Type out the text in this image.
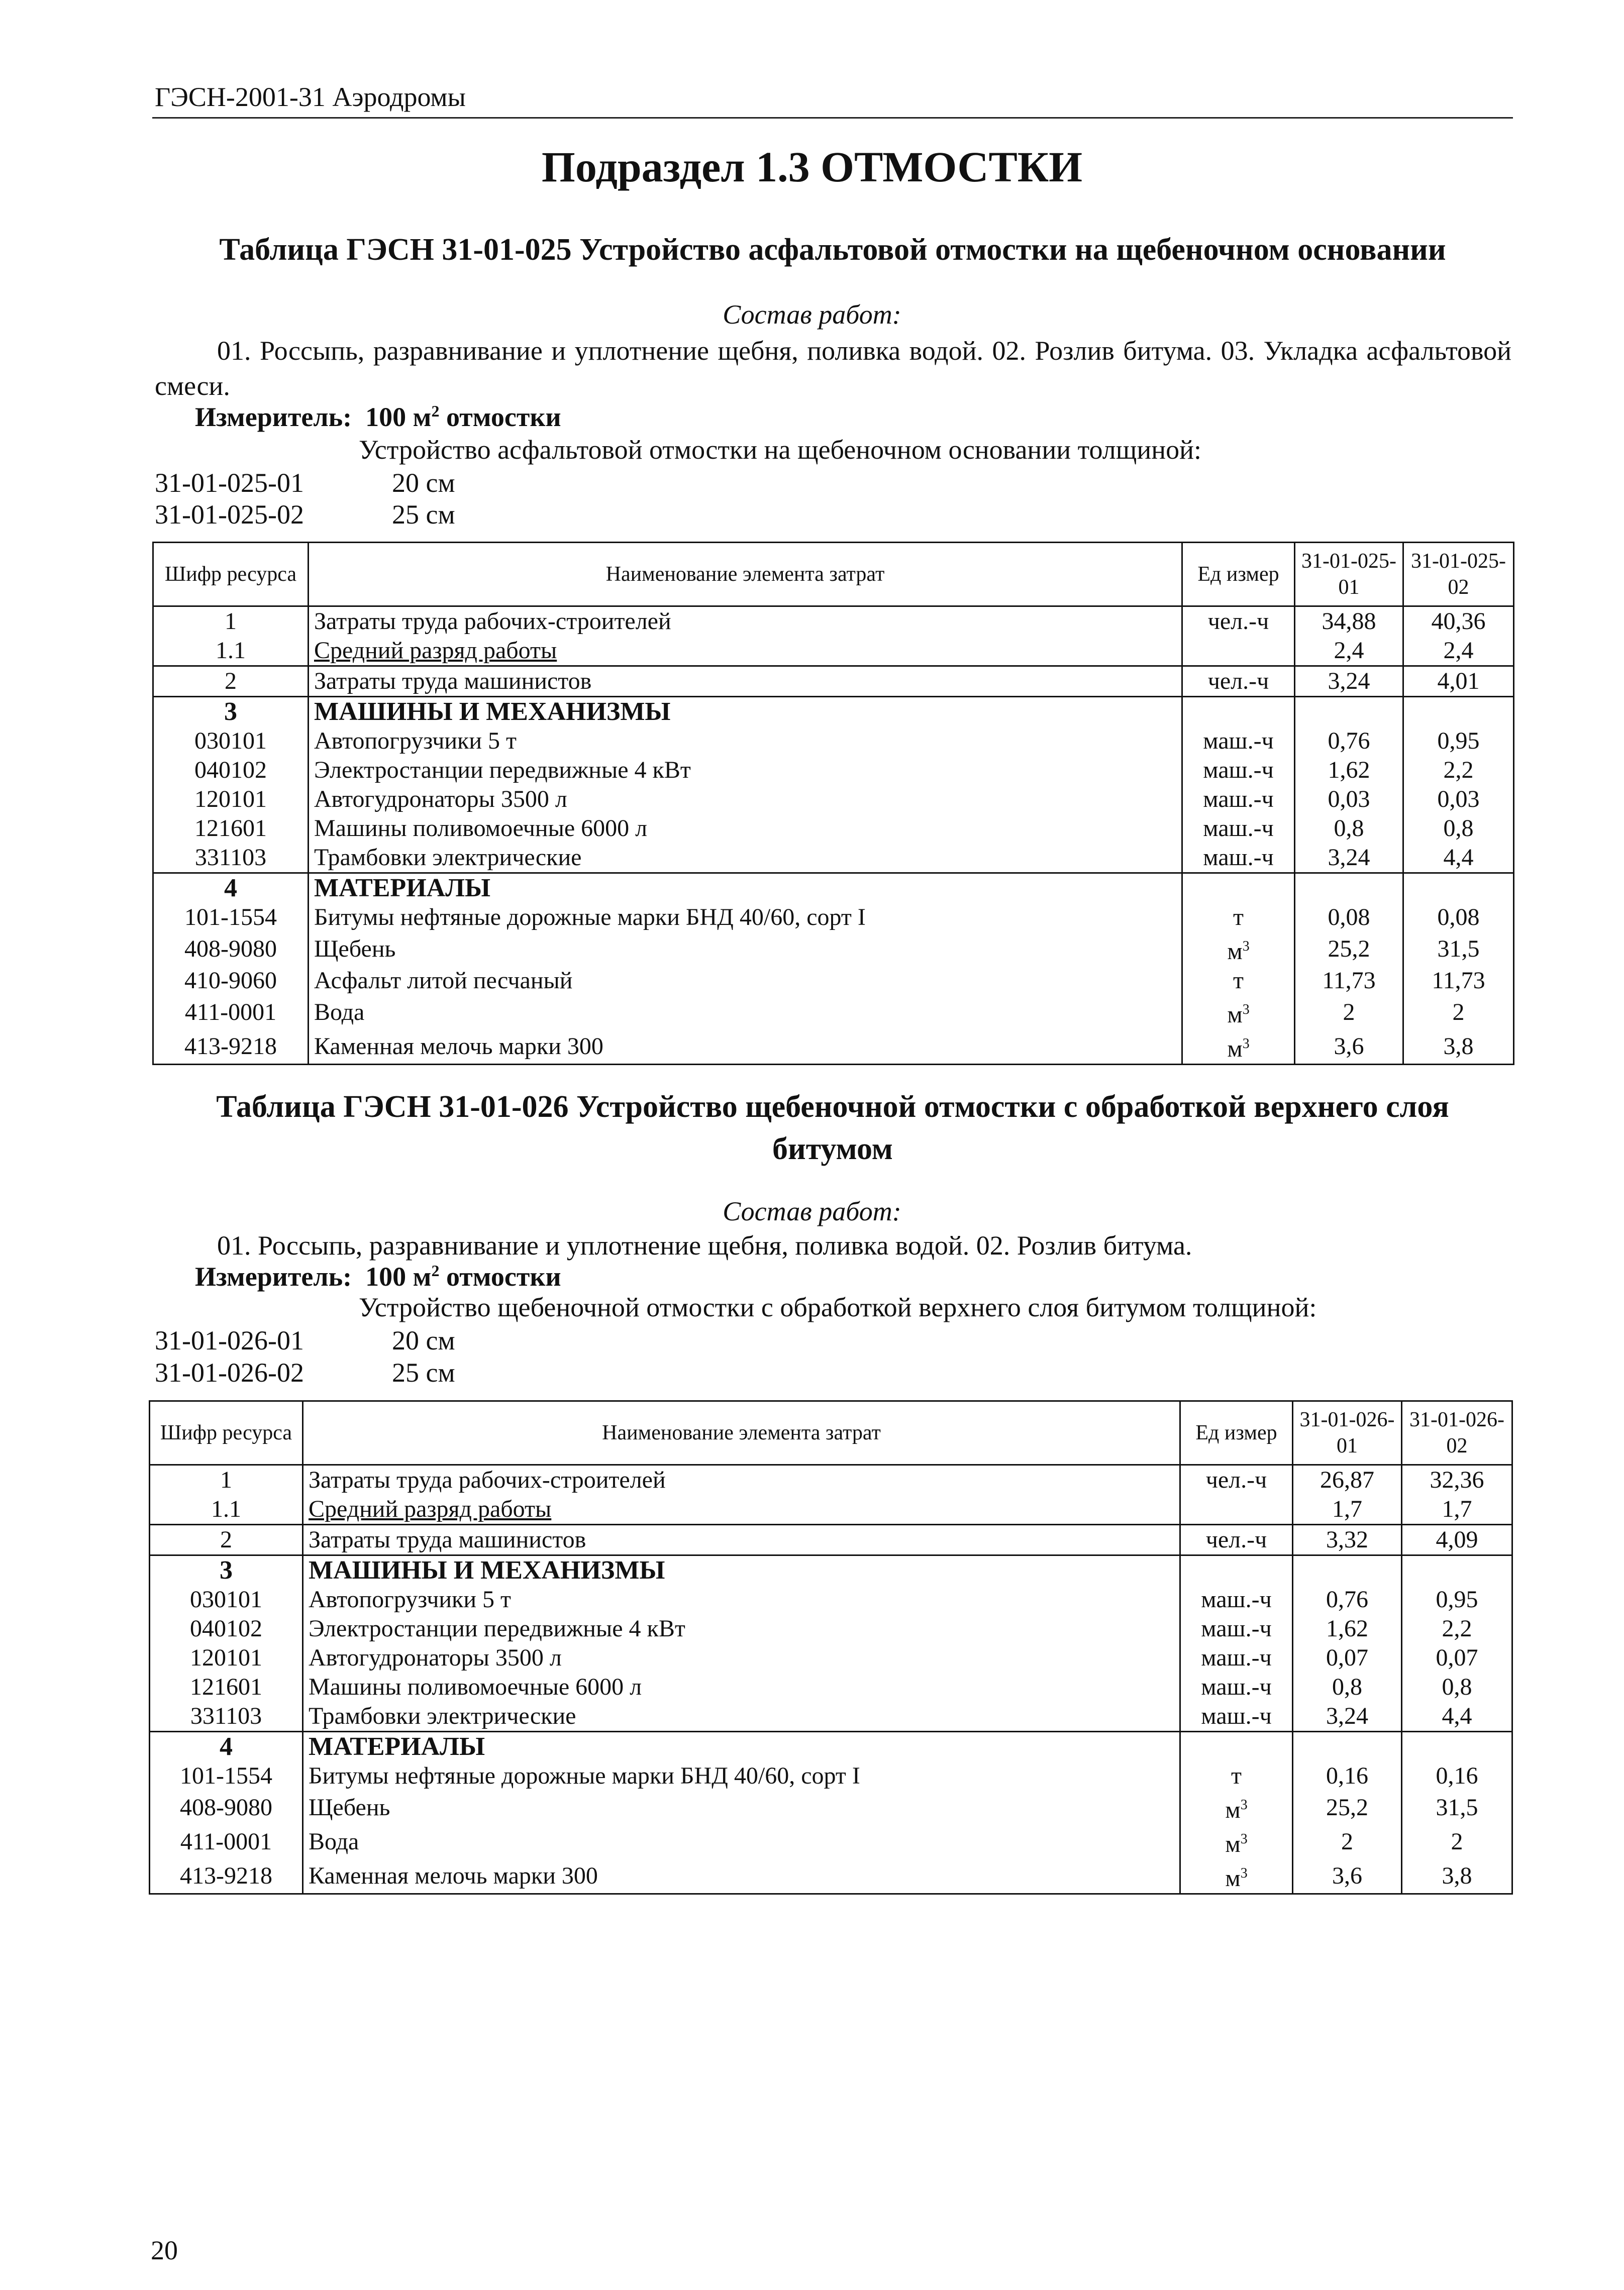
ГЭСН-2001-31 Аэродромы
Подраздел 1.3 ОТМОСТКИ
Таблица ГЭСН 31-01-025 Устройство асфальтовой отмостки на щебеночном основании
Состав работ:
01. Россыпь, разравнивание и уплотнение щебня, поливка водой. 02. Розлив битума. 03. Укладка асфальтовой смеси.
Измеритель: 100 $м^2$ отмостки
Устройство асфальтовой отмостки на щебеночном основании толщиной:
31-01-025-01	20 см
31-01-025-02	25 см
Шифр ресурса	Наименование элемента затрат	Ед измер	31-01-025-01	31-01-025-02
1	Затраты труда рабочих-строителей	чел.-ч	34,88	40,36
1.1	Средний разряд работы		2,4	2,4
2	Затраты труда машинистов	чел.-ч	3,24	4,01
3	МАШИНЫ И МЕХАНИЗМЫ			
030101	Автопогрузчики 5 т	маш.-ч	0,76	0,95
040102	Электростанции передвижные 4 кВт	маш.-ч	1,62	2,2
120101	Автогудронаторы 3500 л	маш.-ч	0,03	0,03
121601	Машины поливомоечные 6000 л	маш.-ч	0,8	0,8
331103	Трамбовки электрические	маш.-ч	3,24	4,4
4	МАТЕРИАЛЫ			
101-1554	Битумы нефтяные дорожные марки БНД 40/60, сорт I	т	0,08	0,08
408-9080	Щебень	$м^3$	25,2	31,5
410-9060	Асфальт литой песчаный	т	11,73	11,73
411-0001	Вода	$м^3$	2	2
413-9218	Каменная мелочь марки 300	$м^3$	3,6	3,8
Таблица ГЭСН 31-01-026 Устройство щебеночной отмостки с обработкой верхнего слоя
битумом
Состав работ:
01. Россыпь, разравнивание и уплотнение щебня, поливка водой. 02. Розлив битума.
Измеритель: 100 $м^2$ отмостки
Устройство щебеночной отмостки с обработкой верхнего слоя битумом толщиной:
31-01-026-01	20 см
31-01-026-02	25 см
Шифр ресурса	Наименование элемента затрат	Ед измер	31-01-026-01	31-01-026-02
1	Затраты труда рабочих-строителей	чел.-ч	26,87	32,36
1.1	Средний разряд работы		1,7	1,7
2	Затраты труда машинистов	чел.-ч	3,32	4,09
3	МАШИНЫ И МЕХАНИЗМЫ			
030101	Автопогрузчики 5 т	маш.-ч	0,76	0,95
040102	Электростанции передвижные 4 кВт	маш.-ч	1,62	2,2
120101	Автогудронаторы 3500 л	маш.-ч	0,07	0,07
121601	Машины поливомоечные 6000 л	маш.-ч	0,8	0,8
331103	Трамбовки электрические	маш.-ч	3,24	4,4
4	МАТЕРИАЛЫ			
101-1554	Битумы нефтяные дорожные марки БНД 40/60, сорт I	т	0,16	0,16
408-9080	Щебень	$м^3$	25,2	31,5
411-0001	Вода	$м^3$	2	2
413-9218	Каменная мелочь марки 300	$м^3$	3,6	3,8
20
